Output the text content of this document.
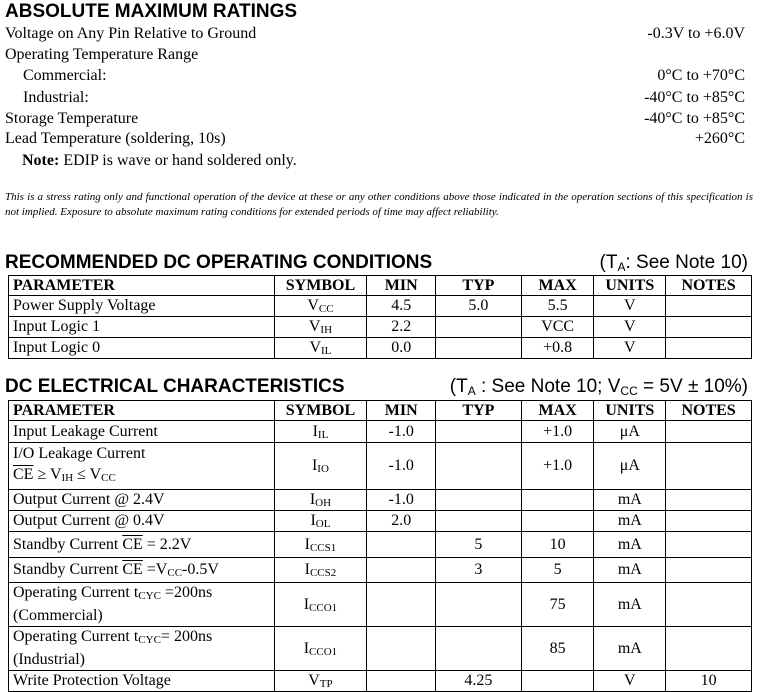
ABSOLUTE MAXIMUM RATINGS
Voltage on Any Pin Relative to Ground	-0.3V to +6.0V
Operating Temperature Range
Commercial:	0°C to +70°C
Industrial:	-40°C to +85°C
Storage Temperature	-40°C to +85°C
Lead Temperature (soldering, 10s)	+260°C
Note: EDIP is wave or hand soldered only.
This is a stress rating only and functional operation of the device at these or any other conditions above those indicated in the operation sections of this specification is not implied. Exposure to absolute maximum rating conditions for extended periods of time may affect reliability.
RECOMMENDED DC OPERATING CONDITIONS	($T_A$: See Note 10)
PARAMETER	SYMBOL	MIN	TYP	MAX	UNITS	NOTES
Power Supply Voltage	$V_{CC}$	4.5	5.0	5.5	V	
Input Logic 1	$V_{IH}$	2.2		VCC	V	
Input Logic 0	$V_{IL}$	0.0		+0.8	V	
DC ELECTRICAL CHARACTERISTICS	($T_A$ : See Note 10; $V_{CC} = 5V \pm 10\%$)
PARAMETER	SYMBOL	MIN	TYP	MAX	UNITS	NOTES
Input Leakage Current	$I_{IL}$	-1.0		+1.0	μA	

I/O Leakage Current
$\overline{CE} \ge V_{IH} \le V_{CC}$	$I_{IO}$	-1.0		+1.0	μA	
Output Current @ 2.4V	$I_{OH}$	-1.0			mA	
Output Current @ 0.4V	$I_{OL}$	2.0			mA	
Standby Current $\overline{CE} = 2.2V$	$I_{CCS1}$		5	10	mA	
Standby Current $\overline{CE} =V_{CC}-0.5V$	$I_{CCS2}$		3	5	mA	

Operating Current $t_{CYC} =200ns$
(Commercial)	$I_{CCO1}$			75	mA	

Operating Current $t_{CYC}= 200ns$
(Industrial)	$I_{CCO1}$			85	mA	
Write Protection Voltage	$V_{TP}$		4.25		V	10
